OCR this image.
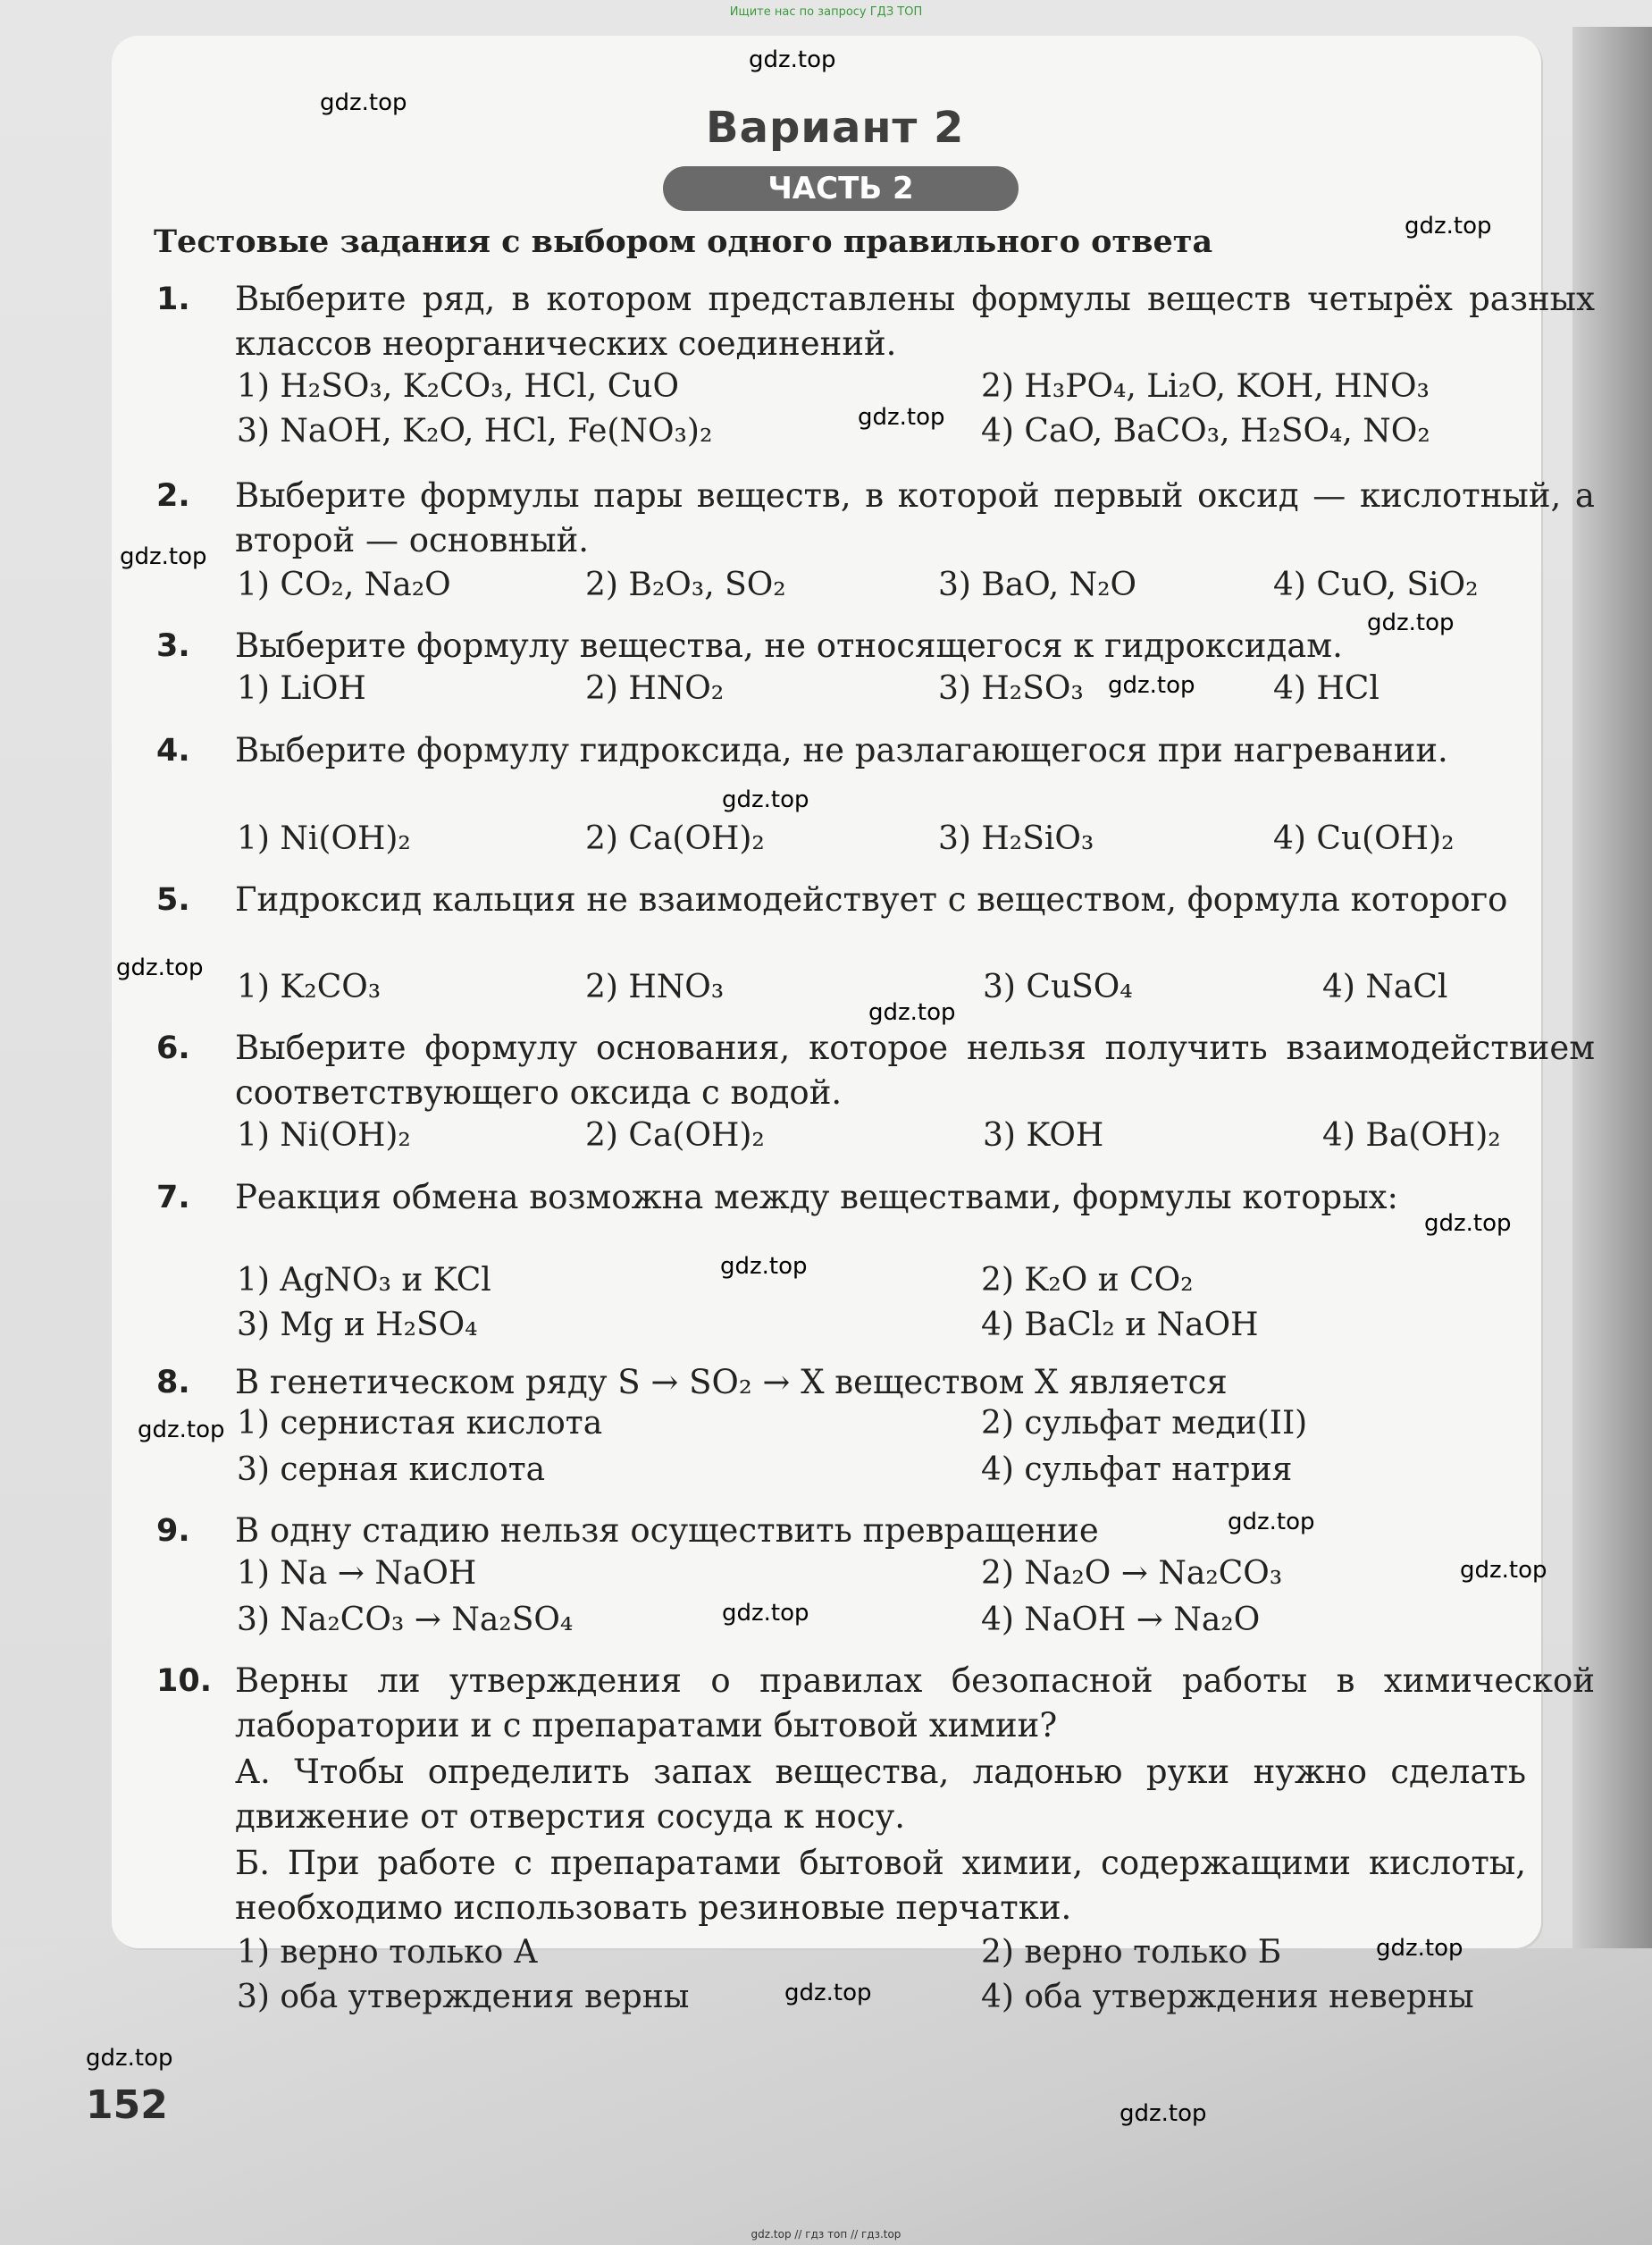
Ищите нас по запросу ГДЗ ТОП
gdz.top
gdz.top
gdz.top
gdz.top
gdz.top
gdz.top
gdz.top
gdz.top
gdz.top
gdz.top
gdz.top
gdz.top
gdz.top
gdz.top
gdz.top
gdz.top
gdz.top
gdz.top
gdz.top
gdz.top
Вариант 2
ЧАСТЬ 2
Тестовые задания с выбором одного правильного ответа
1. Выберите ряд, в котором представлены формулы веществ четырёх разных классов неорганических соединений.
1) H₂SO₃, K₂CO₃, HCl, CuO	2) H₃PO₄, Li₂O, KOH, HNO₃
3) NaOH, K₂O, HCl, Fe(NO₃)₂	4) CaO, BaCO₃, H₂SO₄, NO₂
2. Выберите формулы пары веществ, в которой первый оксид — кислотный, а второй — основный.
1) CO₂, Na₂O	2) B₂O₃, SO₂	3) BaO, N₂O	4) CuO, SiO₂
3. Выберите формулу вещества, не относящегося к гидроксидам.
1) LiOH	2) HNO₂	3) H₂SO₃	4) HCl
4. Выберите формулу гидроксида, не разлагающегося при нагревании.
1) Ni(OH)₂	2) Ca(OH)₂	3) H₂SiO₃	4) Cu(OH)₂
5. Гидроксид кальция не взаимодействует с веществом, формула которого
1) K₂CO₃	2) HNO₃	3) CuSO₄	4) NaCl
6. Выберите формулу основания, которое нельзя получить взаимодействием соответствующего оксида с водой.
1) Ni(OH)₂	2) Ca(OH)₂	3) KOH	4) Ba(OH)₂
7. Реакция обмена возможна между веществами, формулы которых:
1) AgNO₃ и KCl	2) K₂O и CO₂
3) Mg и H₂SO₄	4) BaCl₂ и NaOH
8. В генетическом ряду S → SO₂ → X веществом X является
1) сернистая кислота	2) сульфат меди(II)
3) серная кислота	4) сульфат натрия
9. В одну стадию нельзя осуществить превращение
1) Na → NaOH	2) Na₂O → Na₂CO₃
3) Na₂CO₃ → Na₂SO₄	4) NaOH → Na₂O
10. Верны ли утверждения о правилах безопасной работы в химической лаборатории и с препаратами бытовой химии?
А. Чтобы определить запах вещества, ладонью руки нужно сделать движение от отверстия сосуда к носу.
Б. При работе с препаратами бытовой химии, содержащими кислоты, необходимо использовать резиновые перчатки.
1) верно только А	2) верно только Б
3) оба утверждения верны	4) оба утверждения неверны
152
gdz.top // гдз топ // гдз.top
